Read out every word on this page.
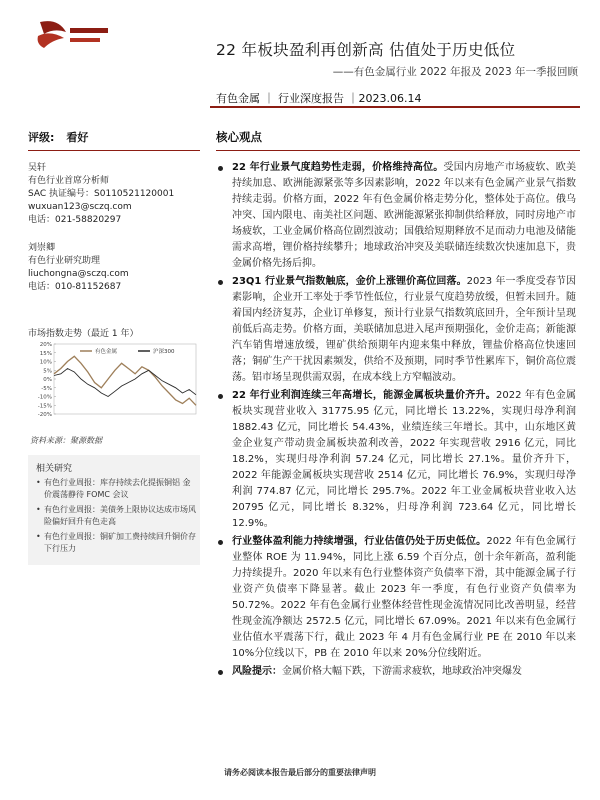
22 年板块盈利再创新高 估值处于历史低位
——有色金属行业 2022 年报及 2023 年一季报回顾
有色金属 ｜ 行业深度报告 ｜2023.06.14
评级: 看好	核心观点
吴轩
有色行业首席分析师
SAC 执证编号：S0110521120001
wuxuan123@sczq.com
电话：021-58820297
刘崇卿
有色行业研究助理
liuchongna@sczq.com
电话：010-81152687
市场指数走势（最近 1 年）
20%
15%
10%
5%
0%
-5%
-10%
-15%
-20%
有色金属	沪深300
资料来源：聚源数据
相关研究
• 有色行业周报：库存持续去化提振铜铝 金价震荡静待 FOMC 会议
• 有色行业周报：美债务上限协议达成市场风险偏好回升有色走高
• 有色行业周报：铜矿加工费持续回升铜价存下行压力
22 年行业景气度趋势性走弱，价格维持高位。受国内房地产市场疲软、欧美持续加息、欧洲能源紧张等多因素影响，2022 年以来有色金属产业景气指数持续走弱。价格方面，2022 年有色金属价格走势分化，整体处于高位。俄乌冲突、国内限电、南美社区问题、欧洲能源紧张抑制供给释放，同时房地产市场疲软，工业金属价格高位剧烈波动；国俄给短期释放不足而动力电池及储能需求高增，锂价格持续攀升；地球政治冲突及美联储连续数次快速加息下，贵金属价格先扬后抑。
23Q1 行业景气指数触底，金价上涨锂价高位回落。2023 年一季度受春节因素影响，企业开工率处于季节性低位，行业景气度趋势放缓，但暂未回升。随着国内经济复苏，企业订单修复，预计行业景气指数筑底回升，全年预计呈现前低后高走势。价格方面，美联储加息进入尾声预期强化，金价走高；新能源汽车销售增速放缓，锂矿供给预期年内迎来集中释放，锂盐价格高位快速回落；铜矿生产干扰因素频发，供给不及预期，同时季节性累库下，铜价高位震荡。铝市场呈现供需双弱，在成本线上方窄幅波动。
22 年行业利润连续三年高增长，能源金属板块量价齐升。2022 年有色金属板块实现营业收入 31775.95 亿元，同比增长 13.22%，实现归母净利润 1882.43 亿元，同比增长 54.43%，业绩连续三年增长。其中，山东地区黄金企业复产带动贵金属板块盈利改善，2022 年实现营收 2916 亿元，同比 18.2%，实现归母净利润 57.24 亿元，同比增长 27.1%。量价齐升下，2022 年能源金属板块实现营收 2514 亿元，同比增长 76.9%，实现归母净利润 774.87 亿元，同比增长 295.7%。2022 年工业金属板块营业收入达 20795 亿元，同比增长 8.32%，归母净利润 723.64 亿元，同比增长 12.9%。
行业整体盈利能力持续增强，行业估值仍处于历史低位。2022 年有色金属行业整体 ROE 为 11.94%，同比上涨 6.59 个百分点，创十余年新高，盈利能力持续提升。2020 年以来有色行业整体资产负债率下滑，其中能源金属子行业资产负债率下降显著。截止 2023 年一季度，有色行业资产负债率为 50.72%。2022 年有色金属行业整体经营性现金流情况同比改善明显，经营性现金流净额达 2572.5 亿元，同比增长 67.09%。2021 年以来有色金属行业估值水平震荡下行，截止 2023 年 4 月有色金属行业 PE 在 2010 年以来 10%分位线以下，PB 在 2010 年以来 20%分位线附近。
风险提示：金属价格大幅下跌，下游需求疲软，地球政治冲突爆发
请务必阅读本报告最后部分的重要法律声明
